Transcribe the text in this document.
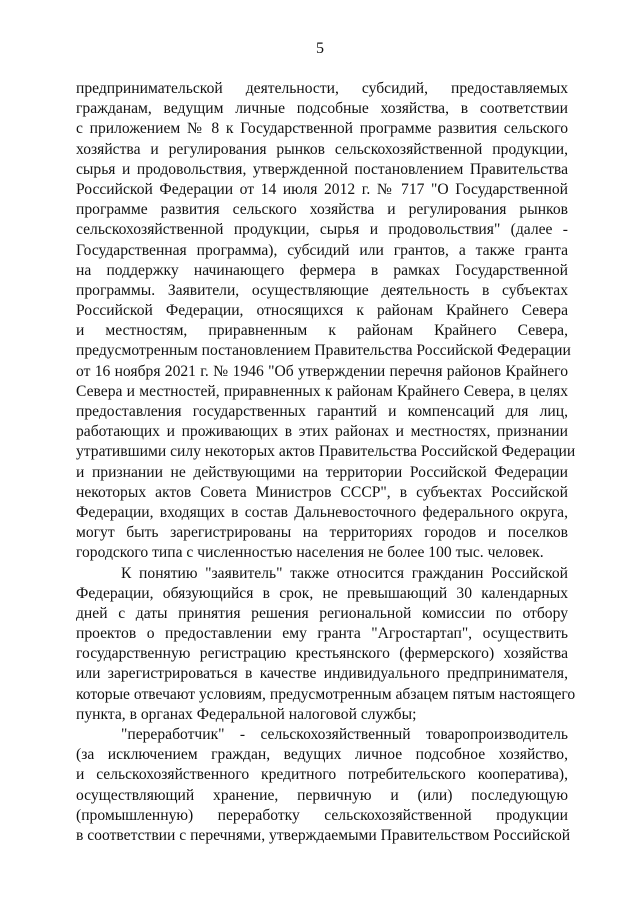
5
предпринимательской деятельности, субсидий, предоставляемых
гражданам, ведущим личные подсобные хозяйства, в соответствии
с приложением № 8 к Государственной программе развития сельского
хозяйства и регулирования рынков сельскохозяйственной продукции,
сырья и продовольствия, утвержденной постановлением Правительства
Российской Федерации от 14 июля 2012 г. № 717 "О Государственной
программе развития сельского хозяйства и регулирования рынков
сельскохозяйственной продукции, сырья и продовольствия" (далее -
Государственная программа), субсидий или грантов, а также гранта
на поддержку начинающего фермера в рамках Государственной
программы. Заявители, осуществляющие деятельность в субъектах
Российской Федерации, относящихся к районам Крайнего Севера
и местностям, приравненным к районам Крайнего Севера,
предусмотренным постановлением Правительства Российской Федерации
от 16 ноября 2021 г. № 1946 "Об утверждении перечня районов Крайнего
Севера и местностей, приравненных к районам Крайнего Севера, в целях
предоставления государственных гарантий и компенсаций для лиц,
работающих и проживающих в этих районах и местностях, признании
утратившими силу некоторых актов Правительства Российской Федерации
и признании не действующими на территории Российской Федерации
некоторых актов Совета Министров СССР", в субъектах Российской
Федерации, входящих в состав Дальневосточного федерального округа,
могут быть зарегистрированы на территориях городов и поселков
городского типа с численностью населения не более 100 тыс. человек.
К понятию "заявитель" также относится гражданин Российской
Федерации, обязующийся в срок, не превышающий 30 календарных
дней с даты принятия решения региональной комиссии по отбору
проектов о предоставлении ему гранта "Агростартап", осуществить
государственную регистрацию крестьянского (фермерского) хозяйства
или зарегистрироваться в качестве индивидуального предпринимателя,
которые отвечают условиям, предусмотренным абзацем пятым настоящего
пункта, в органах Федеральной налоговой службы;
"переработчик" - сельскохозяйственный товаропроизводитель
(за исключением граждан, ведущих личное подсобное хозяйство,
и сельскохозяйственного кредитного потребительского кооператива),
осуществляющий хранение, первичную и (или) последующую
(промышленную) переработку сельскохозяйственной продукции
в соответствии с перечнями, утверждаемыми Правительством Российской
